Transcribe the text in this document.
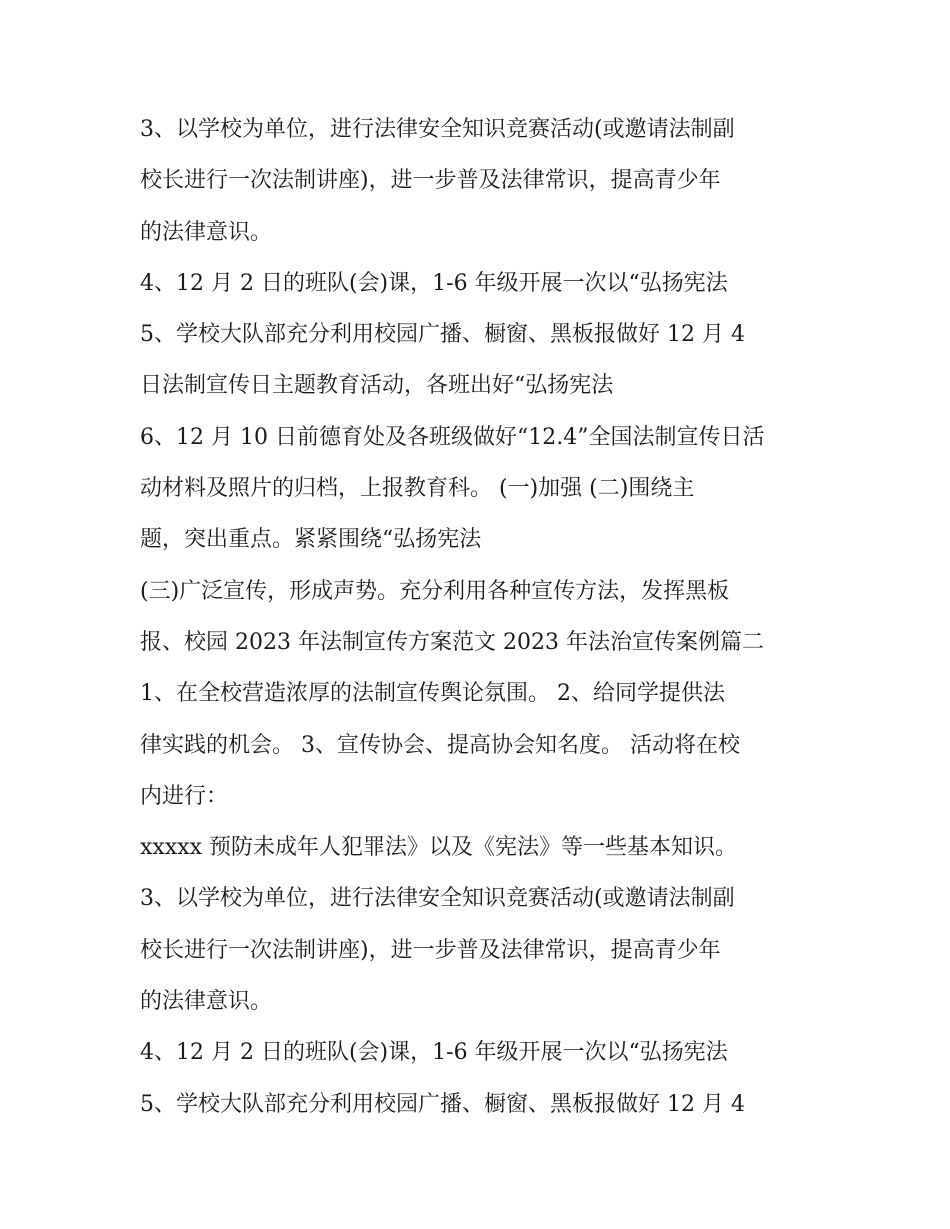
3、以学校为单位，进行法律安全知识竞赛活动(或邀请法制副
校长进行一次法制讲座)，进一步普及法律常识，提高青少年
的法律意识。
4、12 月 2 日的班队(会)课，1-6 年级开展一次以“弘扬宪法
5、学校大队部充分利用校园广播、橱窗、黑板报做好 12 月 4
日法制宣传日主题教育活动，各班出好“弘扬宪法
6、12 月 10 日前德育处及各班级做好“12.4”全国法制宣传日活
动材料及照片的归档，上报教育科。 (一)加强 (二)围绕主
题，突出重点。紧紧围绕“弘扬宪法
(三)广泛宣传，形成声势。充分利用各种宣传方法，发挥黑板
报、校园 2023 年法制宣传方案范文 2023 年法治宣传案例篇二
1、在全校营造浓厚的法制宣传舆论氛围。 2、给同学提供法
律实践的机会。 3、宣传协会、提高协会知名度。 活动将在校
内进行：
xxxxx 预防未成年人犯罪法》以及《宪法》等一些基本知识。
3、以学校为单位，进行法律安全知识竞赛活动(或邀请法制副
校长进行一次法制讲座)，进一步普及法律常识，提高青少年
的法律意识。
4、12 月 2 日的班队(会)课，1-6 年级开展一次以“弘扬宪法
5、学校大队部充分利用校园广播、橱窗、黑板报做好 12 月 4
